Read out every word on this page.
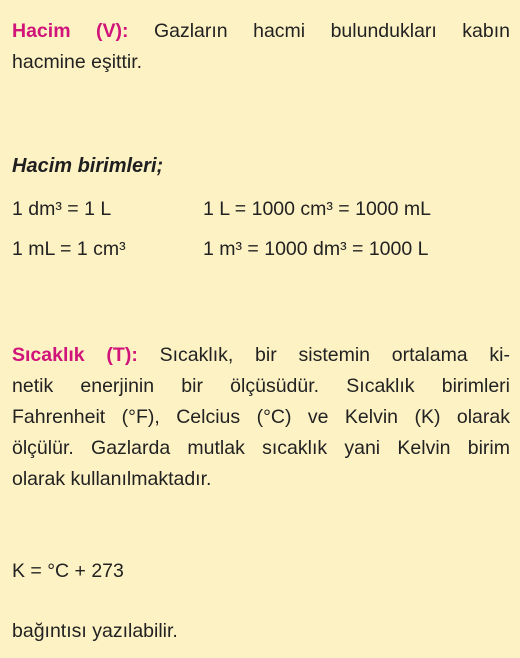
Hacim (V): Gazların hacmi bulundukları kabın
hacmine eşittir.
Hacim birimleri;
1 dm³ = 1 L	1 L = 1000 cm³ = 1000 mL
1 mL = 1 cm³	1 m³ = 1000 dm³ = 1000 L
Sıcaklık (T): Sıcaklık, bir sistemin ortalama ki-
netik enerjinin bir ölçüsüdür. Sıcaklık birimleri
Fahrenheit (°F), Celcius (°C) ve Kelvin (K) olarak
ölçülür. Gazlarda mutlak sıcaklık yani Kelvin birim
olarak kullanılmaktadır.
K = °C + 273
bağıntısı yazılabilir.
